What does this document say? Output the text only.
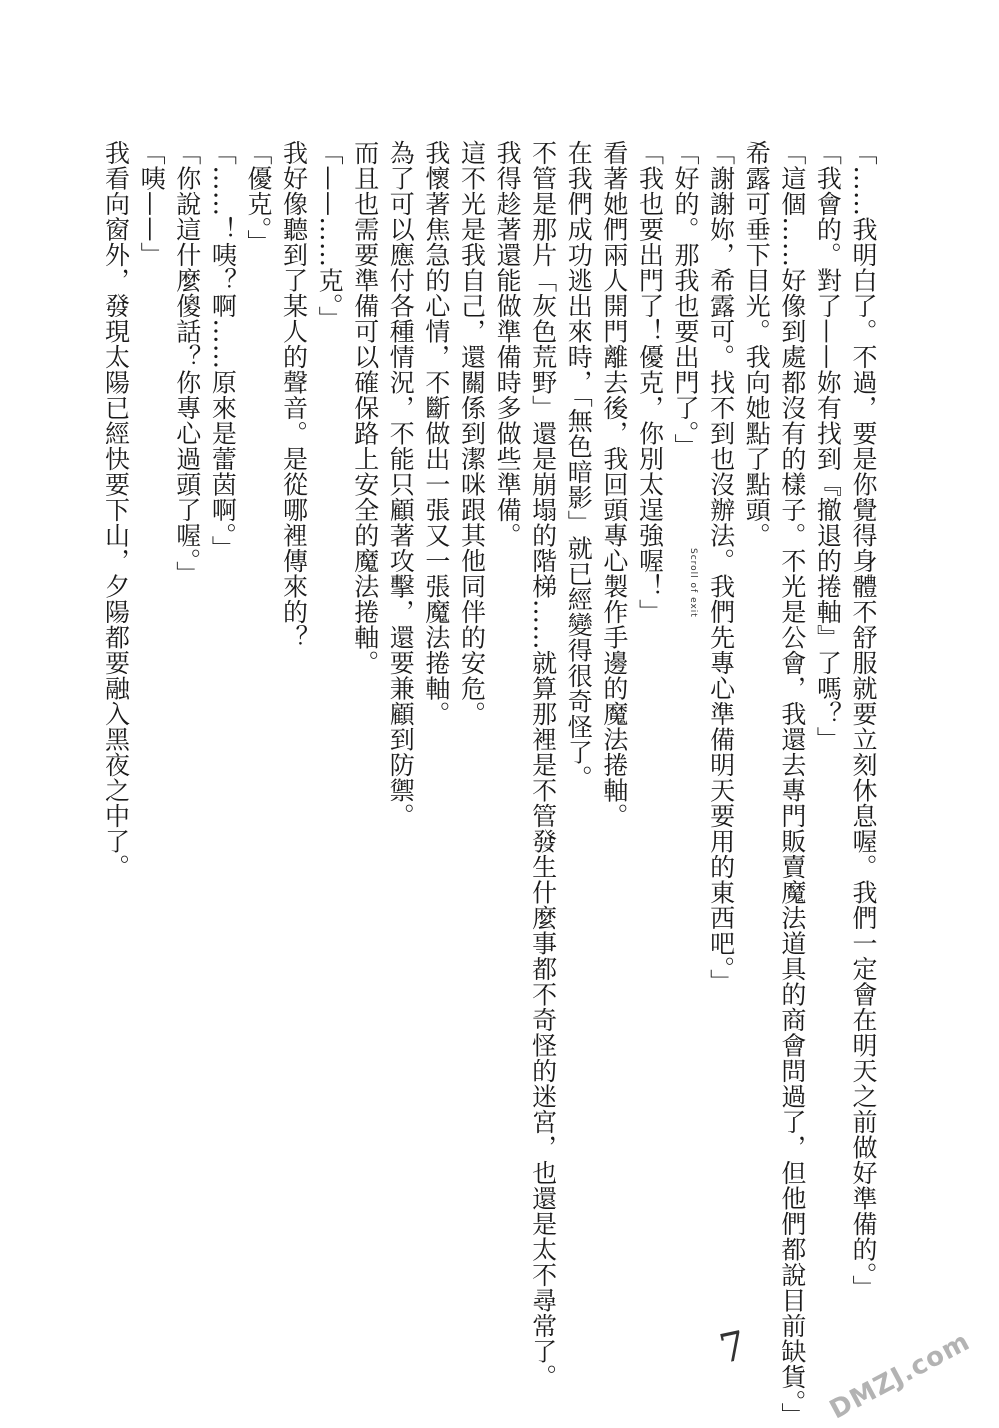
「……我明白了。不過，要是你覺得身體不舒服就要立刻休息喔。我們一定會在明天之前做好準備的。」
「我會的。對了——妳有找到『撤退的捲軸』了嗎？」
「這個……好像到處都沒有的樣子。不光是公會，我還去專門販賣魔法道具的商會問過了，但他們都說目前缺貨。」
希露可垂下目光。我向她點了點頭。
「謝謝妳，希露可。找不到也沒辦法。我們先專心準備明天要用的東西吧。」
「好的。那我也要出門了。」
「我也要出門了！優克，你別太逞強喔！」
看著她們兩人開門離去後，我回頭專心製作手邊的魔法捲軸。
在我們成功逃出來時，「無色暗影」就已經變得很奇怪了。
不管是那片「灰色荒野」還是崩塌的階梯……就算那裡是不管發生什麼事都不奇怪的迷宮，也還是太不尋常了。
我得趁著還能做準備時多做些準備。
這不光是我自己，還關係到潔咪跟其他同伴的安危。
我懷著焦急的心情，不斷做出一張又一張魔法捲軸。
為了可以應付各種情況，不能只顧著攻擊，還要兼顧到防禦。
而且也需要準備可以確保路上安全的魔法捲軸。
「——……克。」
我好像聽到了某人的聲音。是從哪裡傳來的？
「優克。」
「……！咦？啊……原來是蕾茵啊。」
「你說這什麼傻話？你專心過頭了喔。」
「咦——」
我看向窗外，發現太陽已經快要下山，夕陽都要融入黑夜之中了。	Scroll of exit
7	DMZJ.com
